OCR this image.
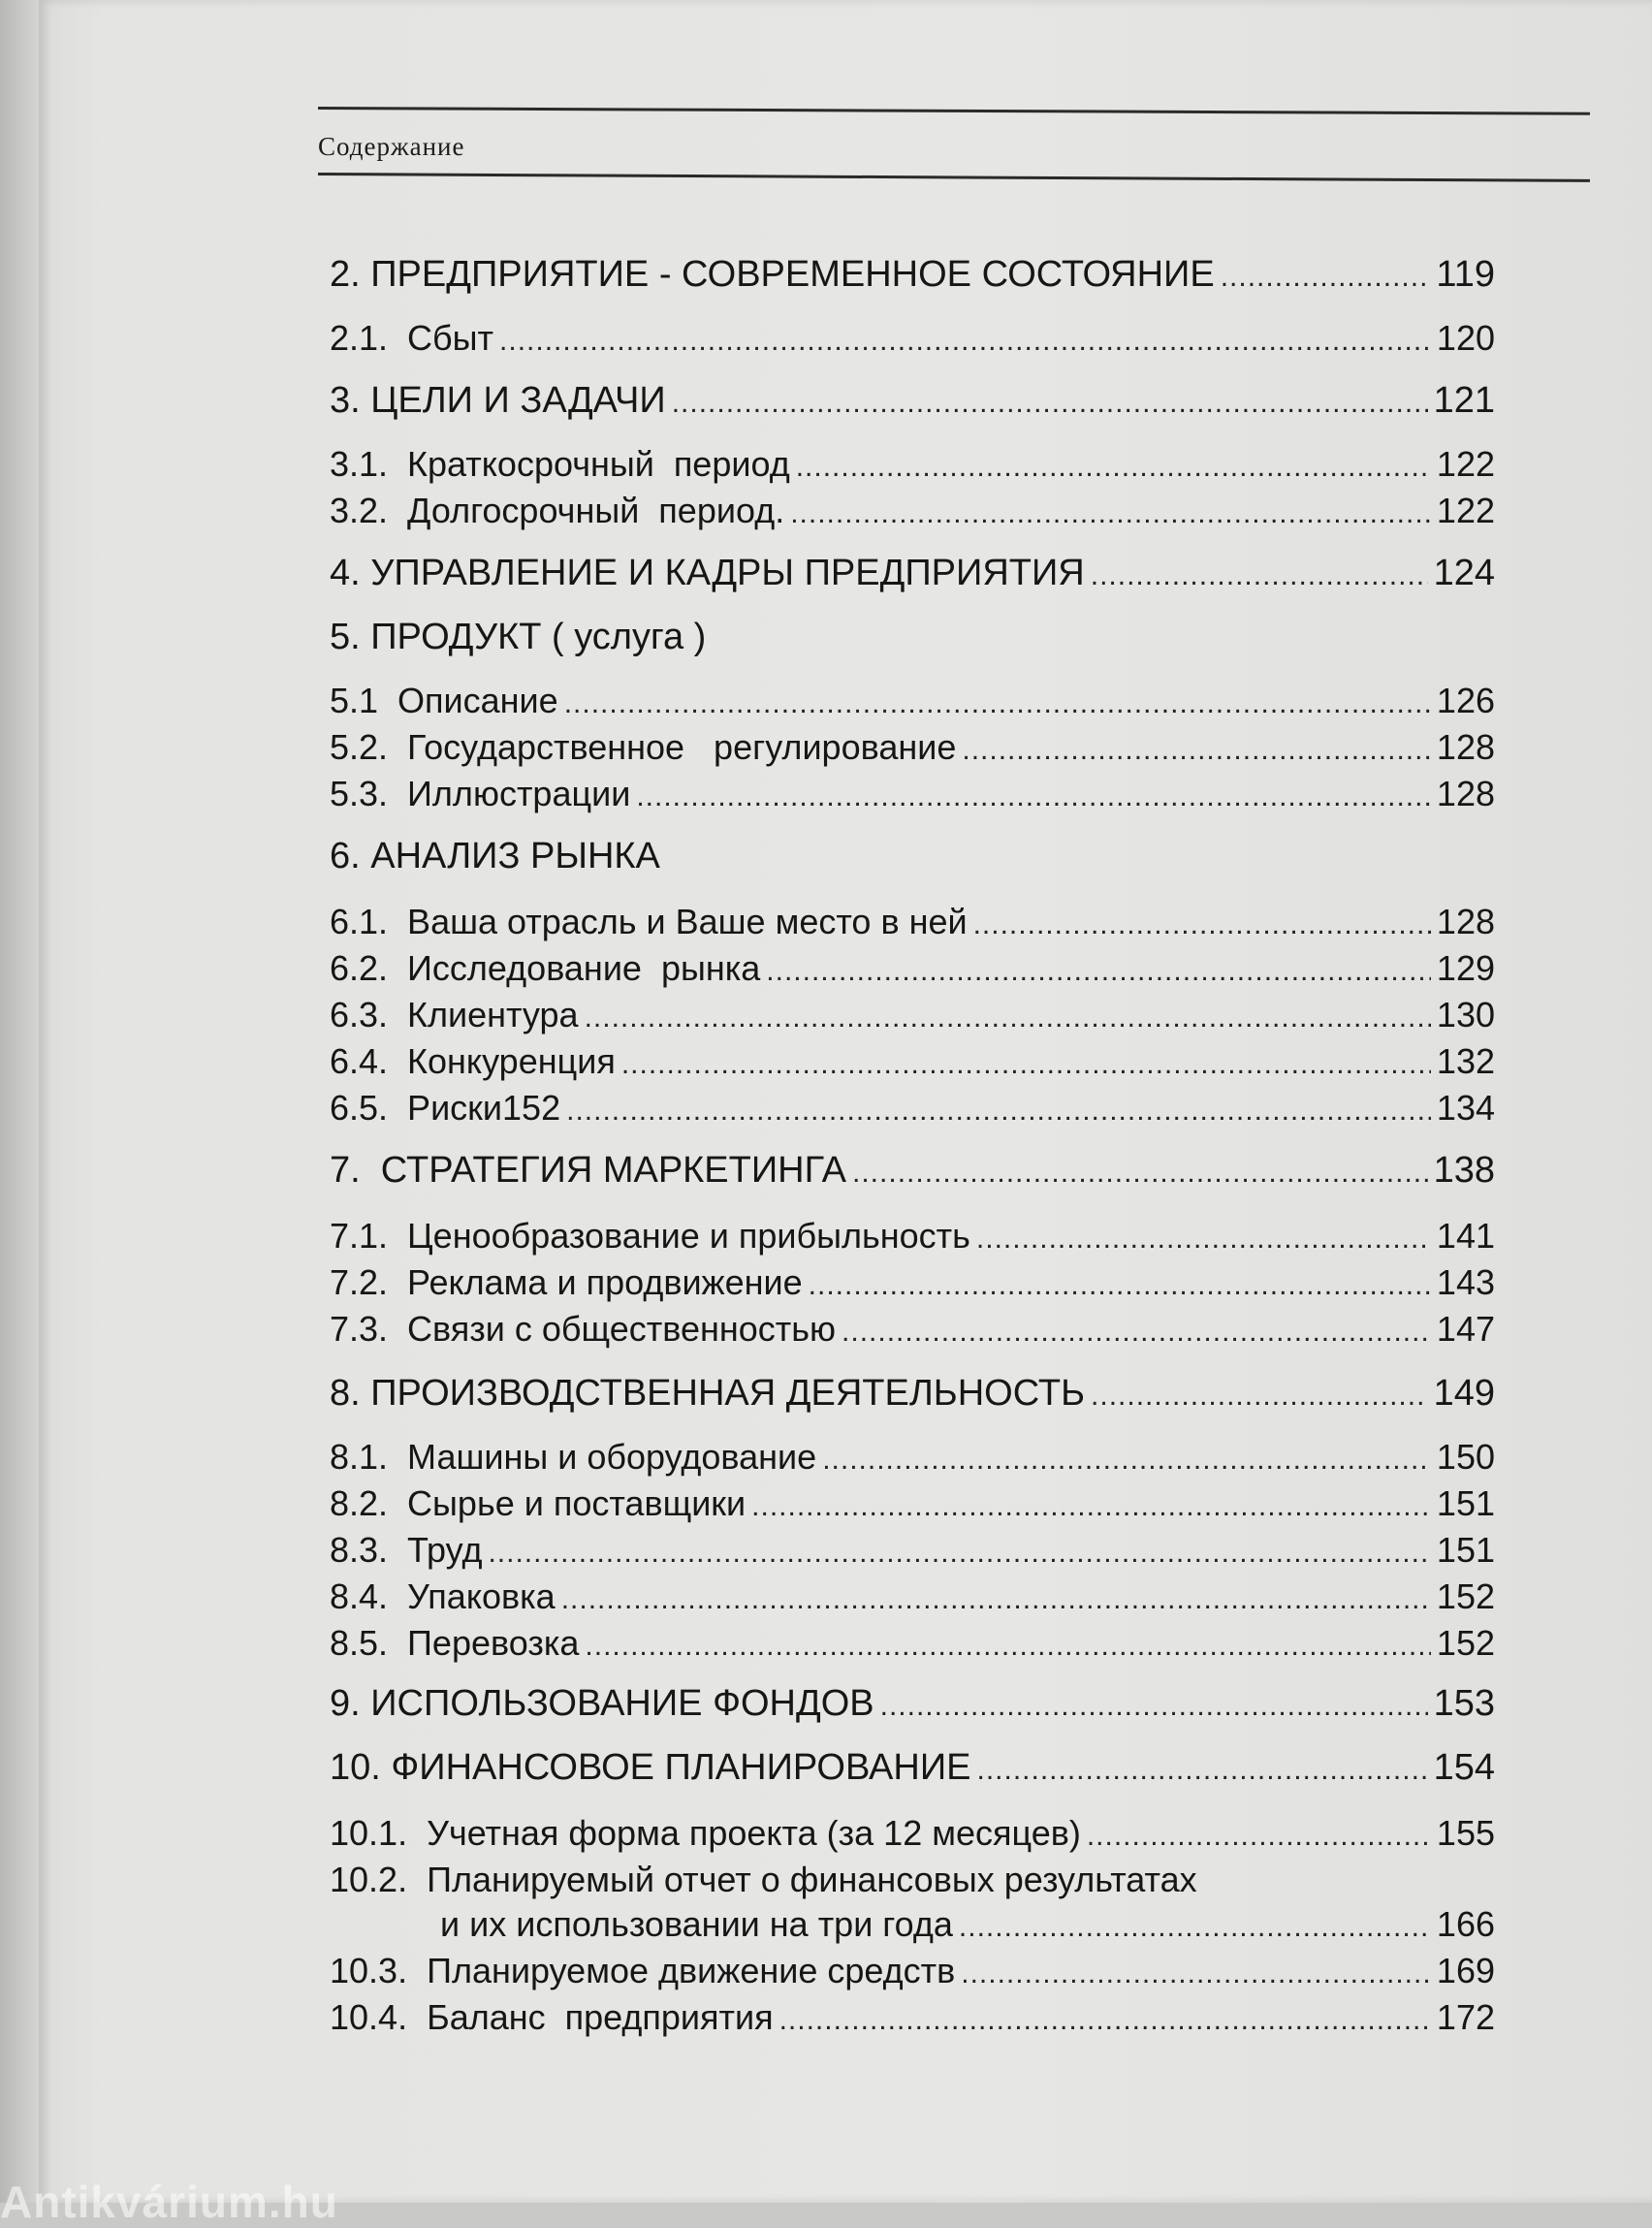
Содержание
2. ПРЕДПРИЯТИЕ - СОВРЕМЕННОЕ СОСТОЯНИЕ .....	119
2.1.  Сбыт .....	120
3. ЦЕЛИ И ЗАДАЧИ .....	121
3.1.  Краткосрочный  период .....	122
3.2.  Долгосрочный  период. .....	122
4. УПРАВЛЕНИЕ И КАДРЫ ПРЕДПРИЯТИЯ .....	124
5. ПРОДУКТ ( услуга )
5.1  Описание .....	126
5.2.  Государственное   регулирование .....	128
5.3.  Иллюстрации .....	128
6. АНАЛИЗ РЫНКА
6.1.  Ваша отрасль и Ваше место в ней .....	128
6.2.  Исследование  рынка .....	129
6.3.  Клиентура .....	130
6.4.  Конкуренция .....	132
6.5.  Риски152 .....	134
7.  СТРАТЕГИЯ МАРКЕТИНГА .....	138
7.1.  Ценообразование и прибыльность .....	141
7.2.  Реклама и продвижение .....	143
7.3.  Связи с общественностью .....	147
8. ПРОИЗВОДСТВЕННАЯ ДЕЯТЕЛЬНОСТЬ .....	149
8.1.  Машины и оборудование .....	150
8.2.  Сырье и поставщики .....	151
8.3.  Труд .....	151
8.4.  Упаковка .....	152
8.5.  Перевозка .....	152
9. ИСПОЛЬЗОВАНИЕ ФОНДОВ .....	153
10. ФИНАНСОВОЕ ПЛАНИРОВАНИЕ .....	154
10.1.  Учетная форма проекта (за 12 месяцев) .....	155
10.2.  Планируемый отчет о финансовых результатах
и их использовании на три года .....	166
10.3.  Планируемое движение средств .....	169
10.4.  Баланс  предприятия .....	172
Antikvárium.hu
